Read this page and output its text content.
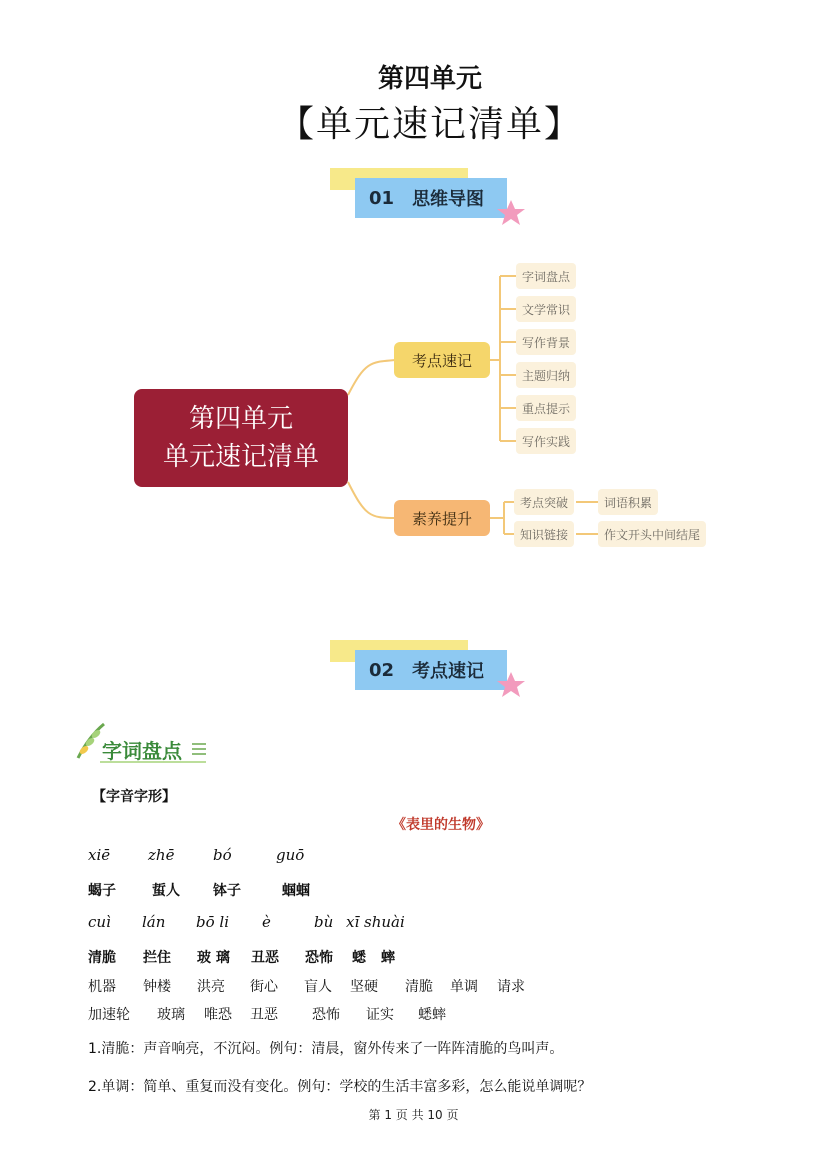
第四单元
【单元速记清单】
01 思维导图
第四单元
单元速记清单
考点速记
素养提升
字词盘点
文学常识
写作背景
主题归纳
重点提示
写作实践
考点突破
知识链接
词语积累
作文开头中间结尾
02 考点速记
字词盘点
【字音字形】
《表里的生物》
xiē	zhē	bó	guō
蝎子	蜇人 钵子	蝈蝈
cuì lán bō li è	bù xī shuài
清脆 拦住 玻 璃 丑恶 恐怖 蟋 蟀
机器 钟楼 洪亮 街心 盲人 坚硬 清脆 单调 请求
加速轮 玻璃 唯恐 丑恶 恐怖 证实 蟋蟀
1.清脆：声音响亮，不沉闷。例句：清晨，窗外传来了一阵阵清脆的鸟叫声。
2.单调：简单、重复而没有变化。例句：学校的生活丰富多彩，怎么能说单调呢？
第 1 页 共 10 页
